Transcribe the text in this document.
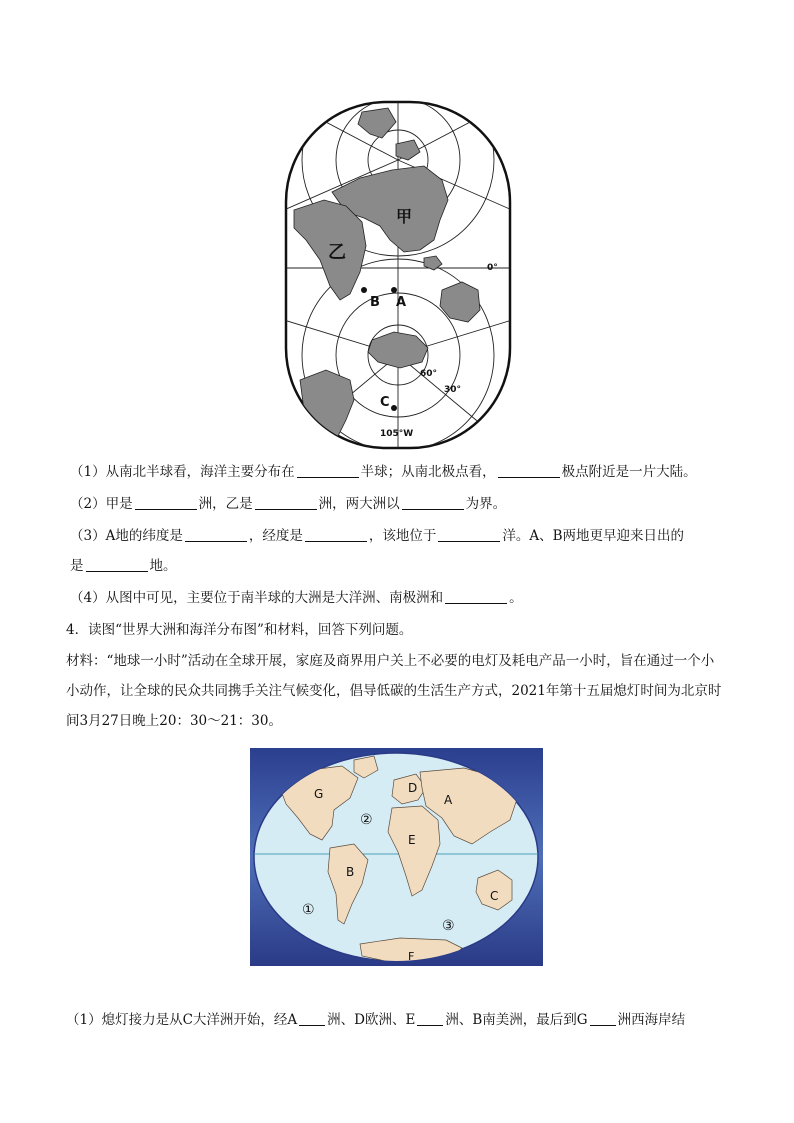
甲
乙
B A
C
0°
60°
30°
105°W
（1）从南北半球看，海洋主要分布在	半球；从南北极点看，	极点附近是一片大陆。
（2）甲是	洲，乙是	洲，两大洲以	为界。
（3）A地的纬度是	，经度是	，该地位于	洋。A、B两地更早迎来日出的
是	地。
（4）从图中可见，主要位于南半球的大洲是大洋洲、南极洲和	。
4．读图“世界大洲和海洋分布图”和材料，回答下列问题。
材料：“地球一小时”活动在全球开展，家庭及商界用户关上不必要的电灯及耗电产品一小时，旨在通过一个小小动作，让全球的民众共同携手关注气候变化，倡导低碳的生活生产方式，2021年第十五届熄灯时间为北京时间3月27日晚上20：30～21：30。
G	D
A
E
B
C
F
①
②
③
（1）熄灯接力是从C大洋洲开始，经A 洲、D欧洲、E 洲、B南美洲，最后到G 洲西海岸结
